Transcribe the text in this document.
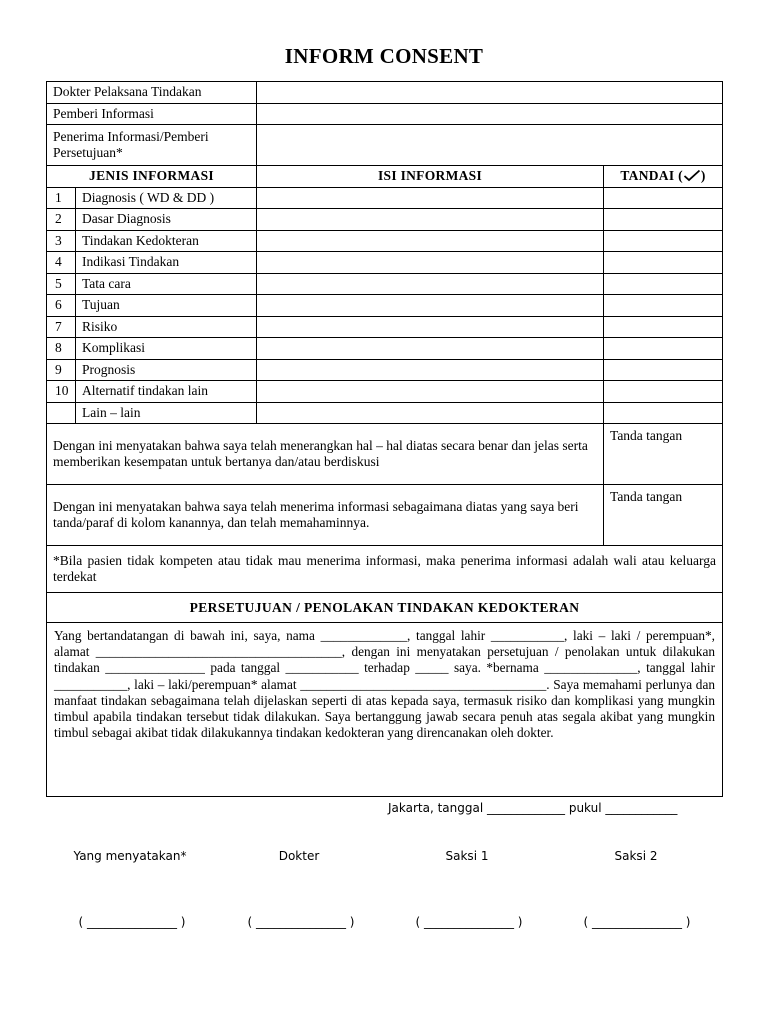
INFORM CONSENT
Dokter Pelaksana Tindakan			
Pemberi Informasi			
Penerima Informasi/Pemberi Persetujuan*			
JENIS INFORMASI		ISI INFORMASI	TANDAI ( )
1	Diagnosis ( WD & DD )		
2	Dasar Diagnosis		
3	Tindakan Kedokteran		
4	Indikasi Tindakan		
5	Tata cara		
6	Tujuan		
7	Risiko		
8	Komplikasi		
9	Prognosis		
10	Alternatif tindakan lain		
	Lain – lain		
Dengan ini menyatakan bahwa saya telah menerangkan hal – hal diatas secara benar dan jelas serta memberikan kesempatan untuk bertanya dan/atau berdiskusi			Tanda tangan
Dengan ini menyatakan bahwa saya telah menerima informasi sebagaimana diatas yang saya beri tanda/paraf di kolom kanannya, dan telah memahaminnya.			Tanda tangan
*Bila pasien tidak kompeten atau tidak mau menerima informasi, maka penerima informasi adalah wali atau keluarga terdekat			
PERSETUJUAN / PENOLAKAN TINDAKAN KEDOKTERAN			
Yang bertandatangan di bawah ini, saya, nama _____________, tanggal lahir ___________, laki – laki / perempuan*, alamat _____________________________________, dengan ini menyatakan persetujuan / penolakan untuk dilakukan tindakan _______________ pada tanggal ___________ terhadap _____ saya. *bernama ______________, tanggal lahir ___________, laki – laki/perempuan* alamat _____________________________________. Saya memahami perlunya dan manfaat tindakan sebagaimana telah dijelaskan seperti di atas kepada saya, termasuk risiko dan komplikasi yang mungkin timbul apabila tindakan tersebut tidak dilakukan. Saya bertanggung jawab secara penuh atas segala akibat yang mungkin timbul sebagai akibat tidak dilakukannya tindakan kedokteran yang direncanakan oleh dokter.			
Jakarta, tanggal _____________ pukul ____________
Yang menyatakan*	Dokter	Saksi 1	Saksi 2
( _______________ )	( _______________ )	( _______________ )	( _______________ )
